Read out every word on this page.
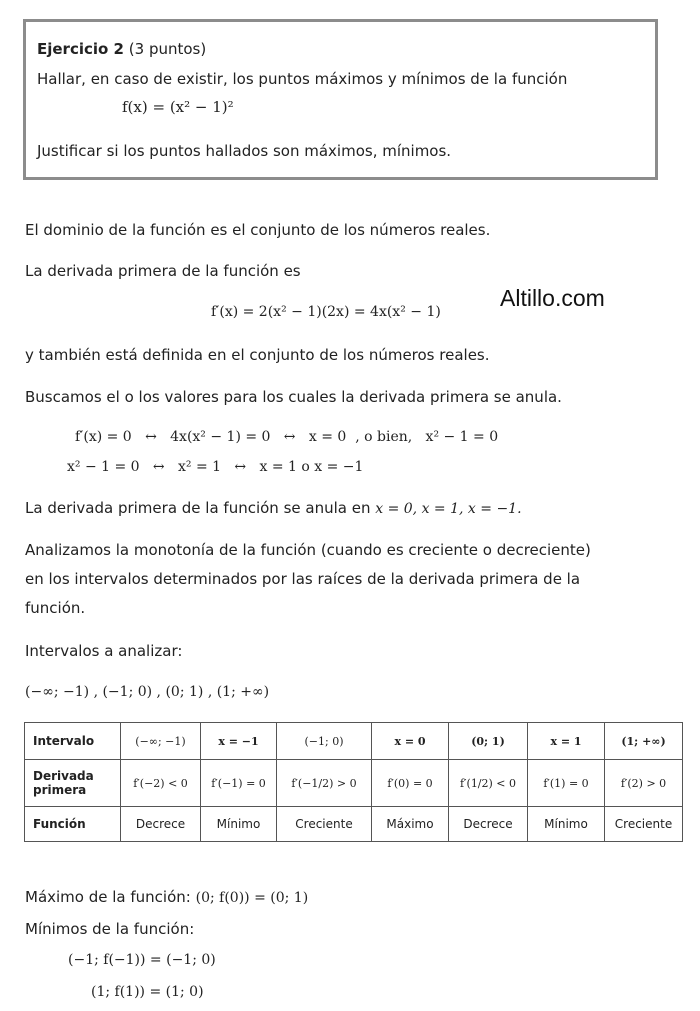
Ejercicio 2 (3 puntos)
Hallar, en caso de existir, los puntos máximos y mínimos de la función
f(x) = (x² − 1)²
Justificar si los puntos hallados son máximos, mínimos.
El dominio de la función es el conjunto de los números reales.
La derivada primera de la función es
f′(x) = 2(x² − 1)(2x) = 4x(x² − 1)
Altillo.com
y también está definida en el conjunto de los números reales.
Buscamos el o los valores para los cuales la derivada primera se anula.
f′(x) = 0   ↔   4x(x² − 1) = 0   ↔   x = 0  , o bien,   x² − 1 = 0
x² − 1 = 0   ↔   x² = 1   ↔   x = 1 o x = −1
La derivada primera de la función se anula en x = 0, x = 1, x = −1.
Analizamos la monotonía de la función (cuando es creciente o decreciente)
en los intervalos determinados por las raíces de la derivada primera de la
función.
Intervalos a analizar:
(−∞; −1) , (−1; 0) , (0; 1) , (1; +∞)
Intervalo	(−∞; −1)	x = −1	(−1; 0)	x = 0	(0; 1)	x = 1	(1; +∞)
Derivada primera	f′(−2) < 0	f′(−1) = 0	f′(−1/2) > 0	f′(0) = 0	f′(1/2) < 0	f′(1) = 0	f′(2) > 0
Función	Decrece	Mínimo	Creciente	Máximo	Decrece	Mínimo	Creciente
Máximo de la función: (0; f(0)) = (0; 1)
Mínimos de la función:
(−1; f(−1)) = (−1; 0)
(1; f(1)) = (1; 0)
